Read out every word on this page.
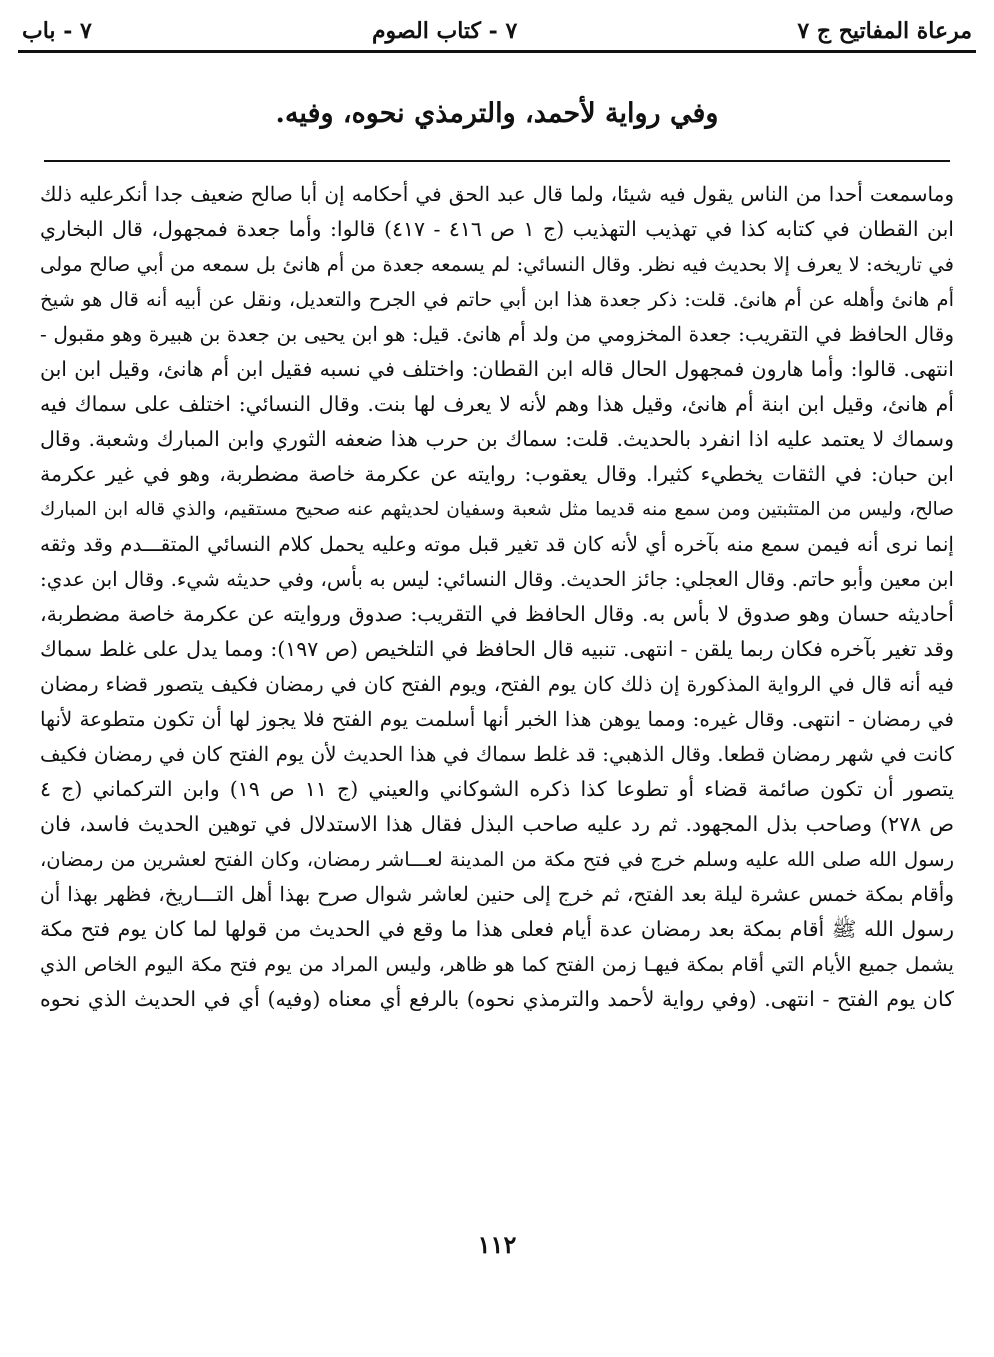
مرعاة المفاتيح ج ٧
٧ - كتاب الصوم
٧ - باب
وفي رواية لأحمد، والترمذي نحوه، وفيه.
وماسمعت أحدا من الناس يقول فيه شيئا، ولما قال عبد الحق في أحكامه إن أبا صالح ضعيف جدا أنكرعليه ذلك
ابن القطان في كتابه كذا في تهذيب التهذيب (ج ١ ص ٤١٦ - ٤١٧) قالوا: وأما جعدة فمجهول، قال البخاري
في تاريخه: لا يعرف إلا بحديث فيه نظر. وقال النسائي: لم يسمعه جعدة من أم هانئ بل سمعه من أبي صالح مولى
أم هانئ وأهله عن أم هانئ. قلت: ذكر جعدة هذا ابن أبي حاتم في الجرح والتعديل، ونقل عن أبيه أنه قال هو شيخ
وقال الحافظ في التقريب: جعدة المخزومي من ولد أم هانئ. قيل: هو ابن يحيى بن جعدة بن هبيرة وهو مقبول -
انتهى. قالوا: وأما هارون فمجهول الحال قاله ابن القطان: واختلف في نسبه فقيل ابن أم هانئ، وقيل ابن ابن
أم هانئ، وقيل ابن ابنة أم هانئ، وقيل هذا وهم لأنه لا يعرف لها بنت. وقال النسائي: اختلف على سماك فيه
وسماك لا يعتمد عليه اذا انفرد بالحديث. قلت: سماك بن حرب هذا ضعفه الثوري وابن المبارك وشعبة. وقال
ابن حبان: في الثقات يخطيء كثيرا. وقال يعقوب: روايته عن عكرمة خاصة مضطربة، وهو في غير عكرمة
صالح، وليس من المتثبتين ومن سمع منه قديما مثل شعبة وسفيان لحديثهم عنه صحيح مستقيم، والذي قاله ابن المبارك
إنما نرى أنه فيمن سمع منه بآخره أي لأنه كان قد تغير قبل موته وعليه يحمل كلام النسائي المتقـــدم وقد وثقه
ابن معين وأبو حاتم. وقال العجلي: جائز الحديث. وقال النسائي: ليس به بأس، وفي حديثه شيء. وقال ابن عدي:
أحاديثه حسان وهو صدوق لا بأس به. وقال الحافظ في التقريب: صدوق وروايته عن عكرمة خاصة مضطربة،
وقد تغير بآخره فكان ربما يلقن - انتهى. تنبيه قال الحافظ في التلخيص (ص ١٩٧): ومما يدل على غلط سماك
فيه أنه قال في الرواية المذكورة إن ذلك كان يوم الفتح، ويوم الفتح كان في رمضان فكيف يتصور قضاء رمضان
في رمضان - انتهى. وقال غيره: ومما يوهن هذا الخبر أنها أسلمت يوم الفتح فلا يجوز لها أن تكون متطوعة لأنها
كانت في شهر رمضان قطعا. وقال الذهبي: قد غلط سماك في هذا الحديث لأن يوم الفتح كان في رمضان فكيف
يتصور أن تكون صائمة قضاء أو تطوعا كذا ذكره الشوكاني والعيني (ج ١١ ص ١٩) وابن التركماني (ج ٤
ص ٢٧٨) وصاحب بذل المجهود. ثم رد عليه صاحب البذل فقال هذا الاستدلال في توهين الحديث فاسد، فان
رسول الله صلى الله عليه وسلم خرج في فتح مكة من المدينة لعـــاشر رمضان، وكان الفتح لعشرين من رمضان،
وأقام بمكة خمس عشرة ليلة بعد الفتح، ثم خرج إلى حنين لعاشر شوال صرح بهذا أهل التـــاريخ، فظهر بهذا أن
رسول الله ﷺ أقام بمكة بعد رمضان عدة أيام فعلى هذا ما وقع في الحديث من قولها لما كان يوم فتح مكة
يشمل جميع الأيام التي أقام بمكة فيهـا زمن الفتح كما هو ظاهر، وليس المراد من يوم فتح مكة اليوم الخاص الذي
كان يوم الفتح - انتهى. (وفي رواية لأحمد والترمذي نحوه) بالرفع أي معناه (وفيه) أي في الحديث الذي نحوه
١١٢
